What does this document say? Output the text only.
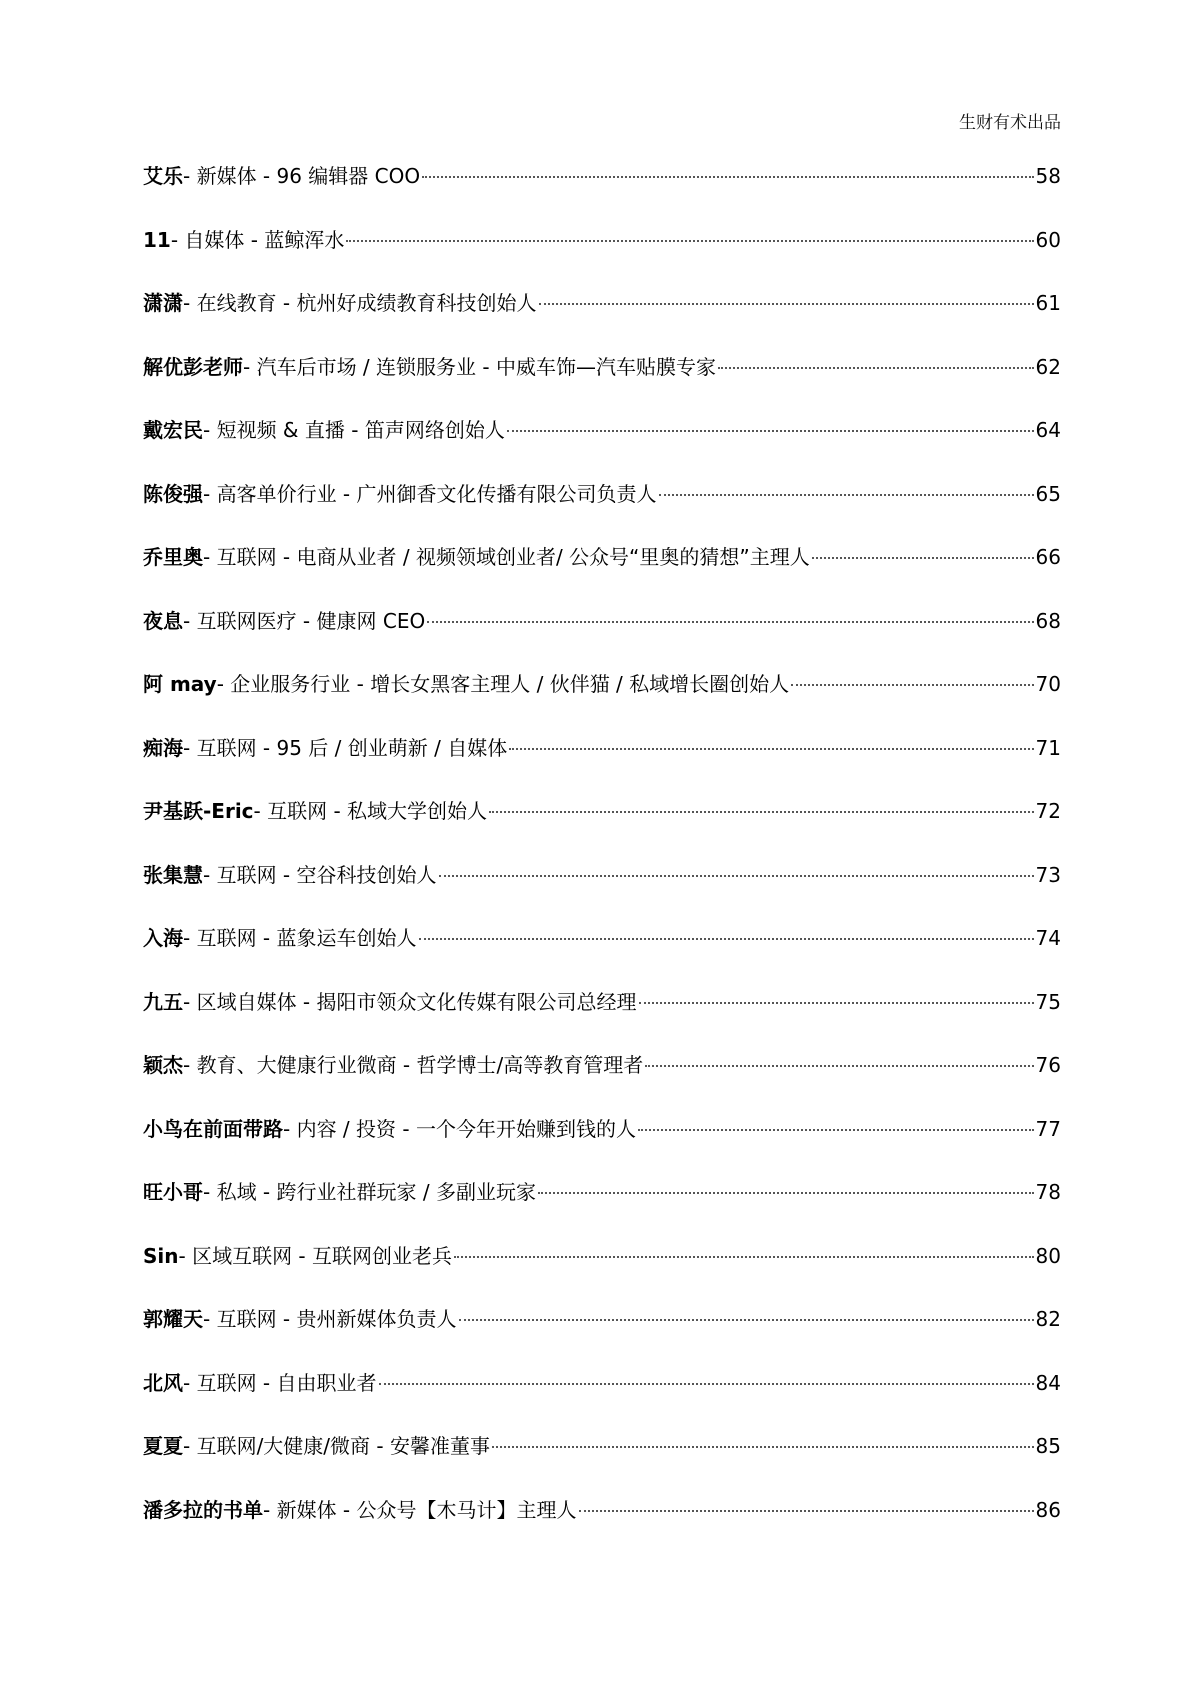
生财有术出品
艾乐 - 新媒体 - 96 编辑器 COO	58
11 - 自媒体 - 蓝鲸浑水	60
潇潇 - 在线教育 - 杭州好成绩教育科技创始人	61
解优彭老师 - 汽车后市场 / 连锁服务业 - 中威车饰—汽车贴膜专家	62
戴宏民 - 短视频 & 直播 - 笛声网络创始人	64
陈俊强 - 高客单价行业 - 广州御香文化传播有限公司负责人	65
乔里奥 - 互联网 - 电商从业者 / 视频领域创业者/ 公众号“里奥的猜想”主理人	66
夜息 - 互联网医疗 - 健康网 CEO	68
阿 may - 企业服务行业 - 增长女黑客主理人 / 伙伴猫 / 私域增长圈创始人	70
痴海 - 互联网 - 95 后 / 创业萌新 / 自媒体	71
尹基跃-Eric - 互联网 - 私域大学创始人	72
张集慧 - 互联网 - 空谷科技创始人	73
入海 - 互联网 - 蓝象运车创始人	74
九五 - 区域自媒体 - 揭阳市领众文化传媒有限公司总经理	75
颖杰 - 教育、大健康行业微商 - 哲学博士/高等教育管理者	76
小鸟在前面带路 - 内容 / 投资 - 一个今年开始赚到钱的人	77
旺小哥 - 私域 - 跨行业社群玩家 / 多副业玩家	78
Sin - 区域互联网 - 互联网创业老兵	80
郭耀天 - 互联网 - 贵州新媒体负责人	82
北风 - 互联网 - 自由职业者	84
夏夏 - 互联网/大健康/微商 - 安馨准董事	85
潘多拉的书单 - 新媒体 - 公众号【木马计】主理人	86
